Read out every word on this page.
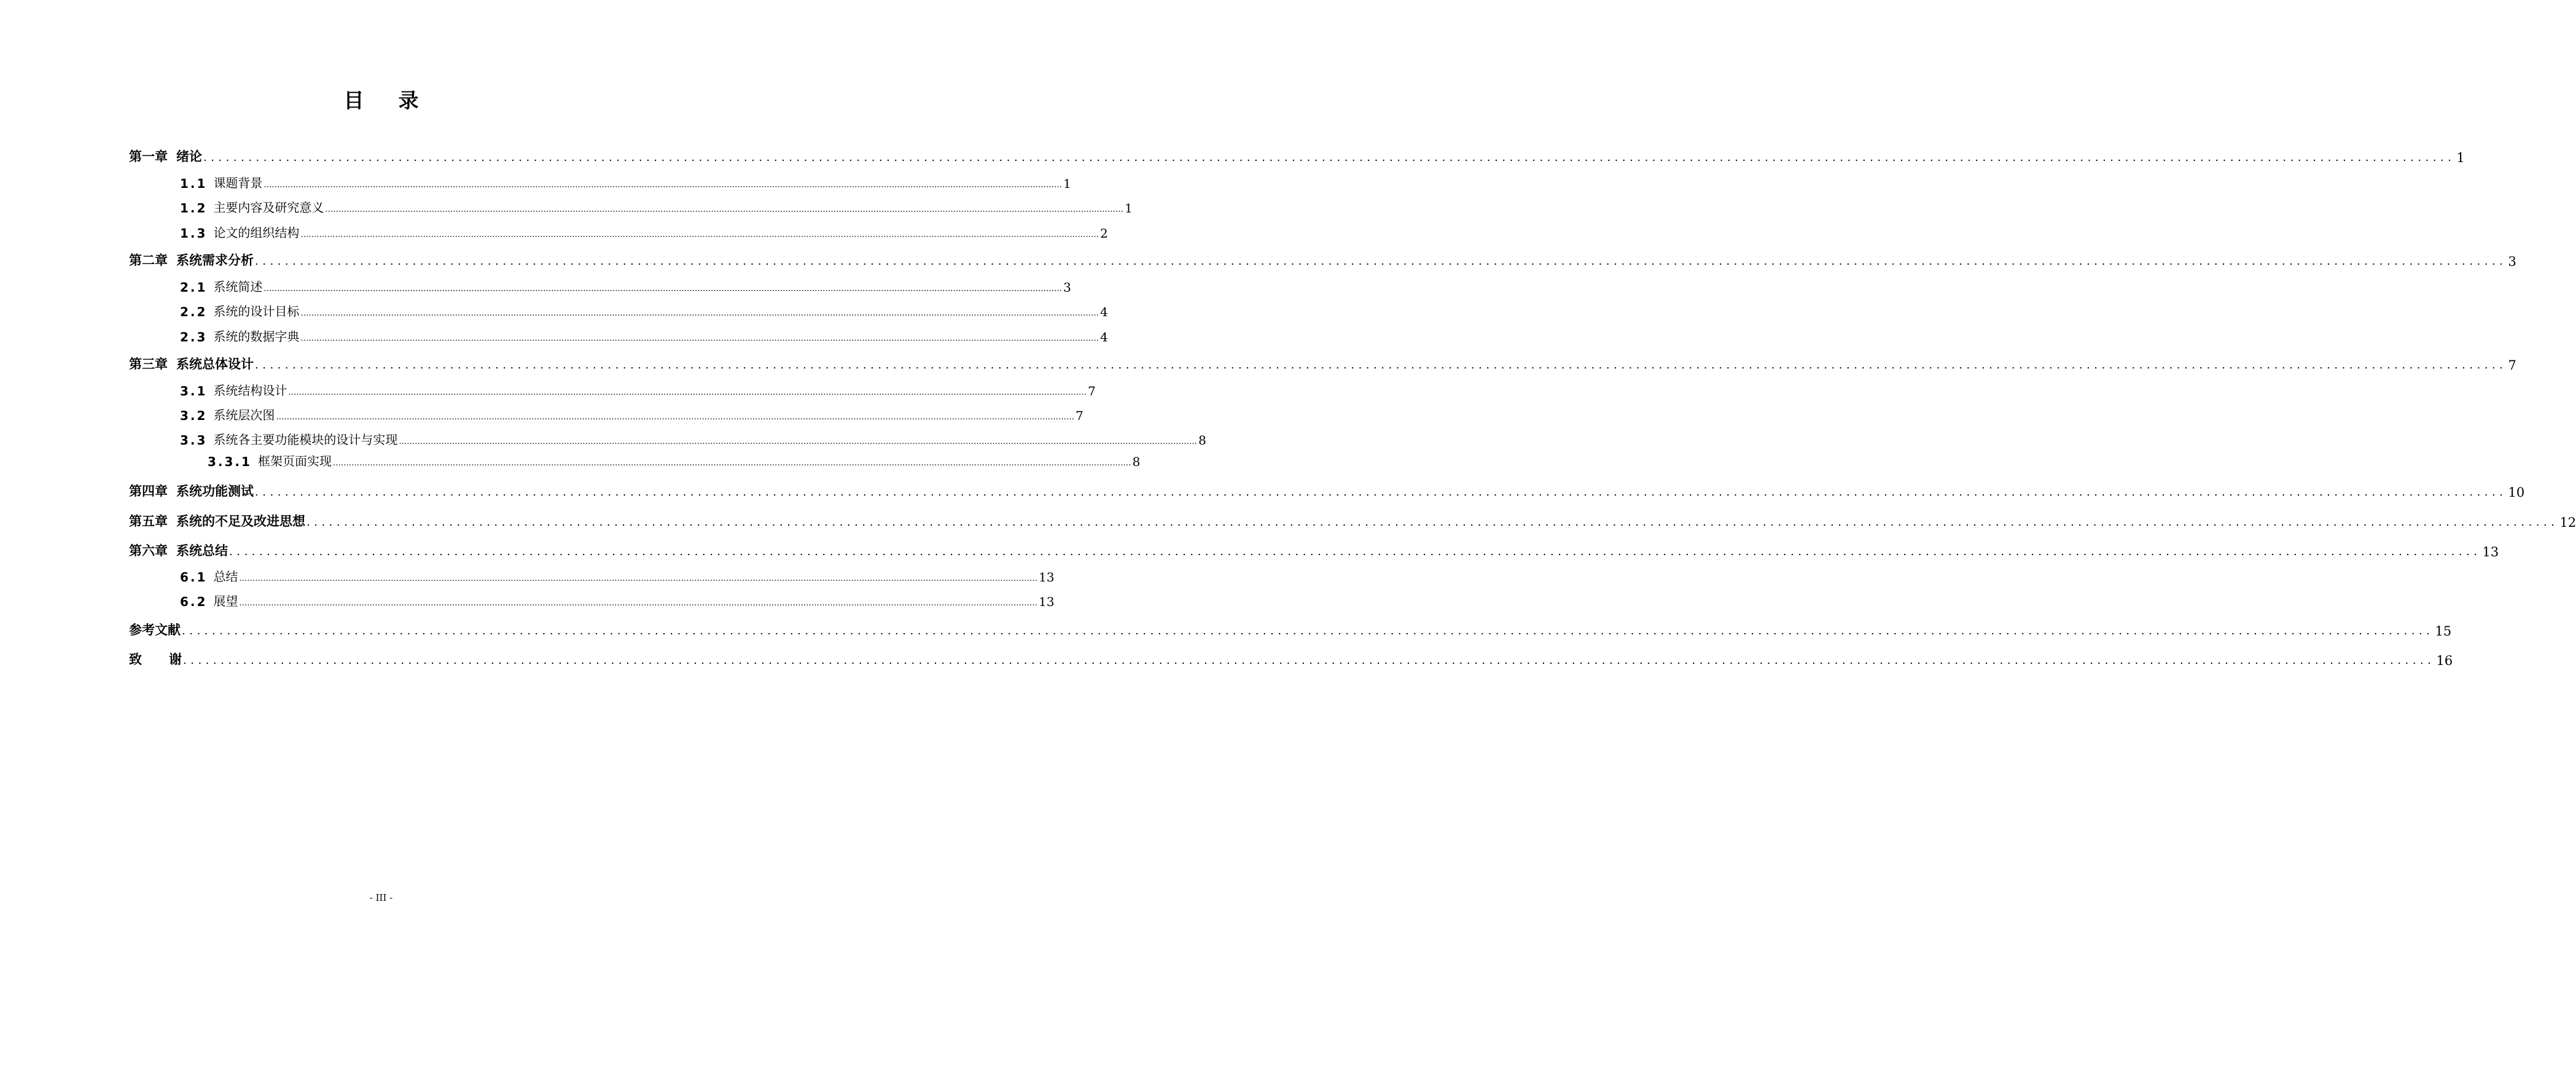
目 录
第一章 绪论 ............................................................................................................................................................................................................................................................................................................ 1
1.1 课题背景 ............................................................................................................................................................................................................................................................................................................ 1
1.2 主要内容及研究意义 ............................................................................................................................................................................................................................................................................................................ 1
1.3 论文的组织结构 ............................................................................................................................................................................................................................................................................................................ 2
第二章 系统需求分析 ............................................................................................................................................................................................................................................................................................................ 3
2.1 系统简述 ............................................................................................................................................................................................................................................................................................................ 3
2.2 系统的设计目标 ............................................................................................................................................................................................................................................................................................................ 4
2.3 系统的数据字典 ............................................................................................................................................................................................................................................................................................................ 4
第三章 系统总体设计 ............................................................................................................................................................................................................................................................................................................ 7
3.1 系统结构设计 ............................................................................................................................................................................................................................................................................................................ 7
3.2 系统层次图 ............................................................................................................................................................................................................................................................................................................ 7
3.3 系统各主要功能模块的设计与实现 ............................................................................................................................................................................................................................................................................................................ 8
3.3.1 框架页面实现 ............................................................................................................................................................................................................................................................................................................ 8
第四章 系统功能测试 ............................................................................................................................................................................................................................................................................................................ 10
第五章 系统的不足及改进思想 ............................................................................................................................................................................................................................................................................................................ 12
第六章 系统总结 ............................................................................................................................................................................................................................................................................................................ 13
6.1 总结 ............................................................................................................................................................................................................................................................................................................ 13
6.2 展望 ............................................................................................................................................................................................................................................................................................................ 13
参考文献 ............................................................................................................................................................................................................................................................................................................ 15
致 谢 ............................................................................................................................................................................................................................................................................................................ 16
- III -
